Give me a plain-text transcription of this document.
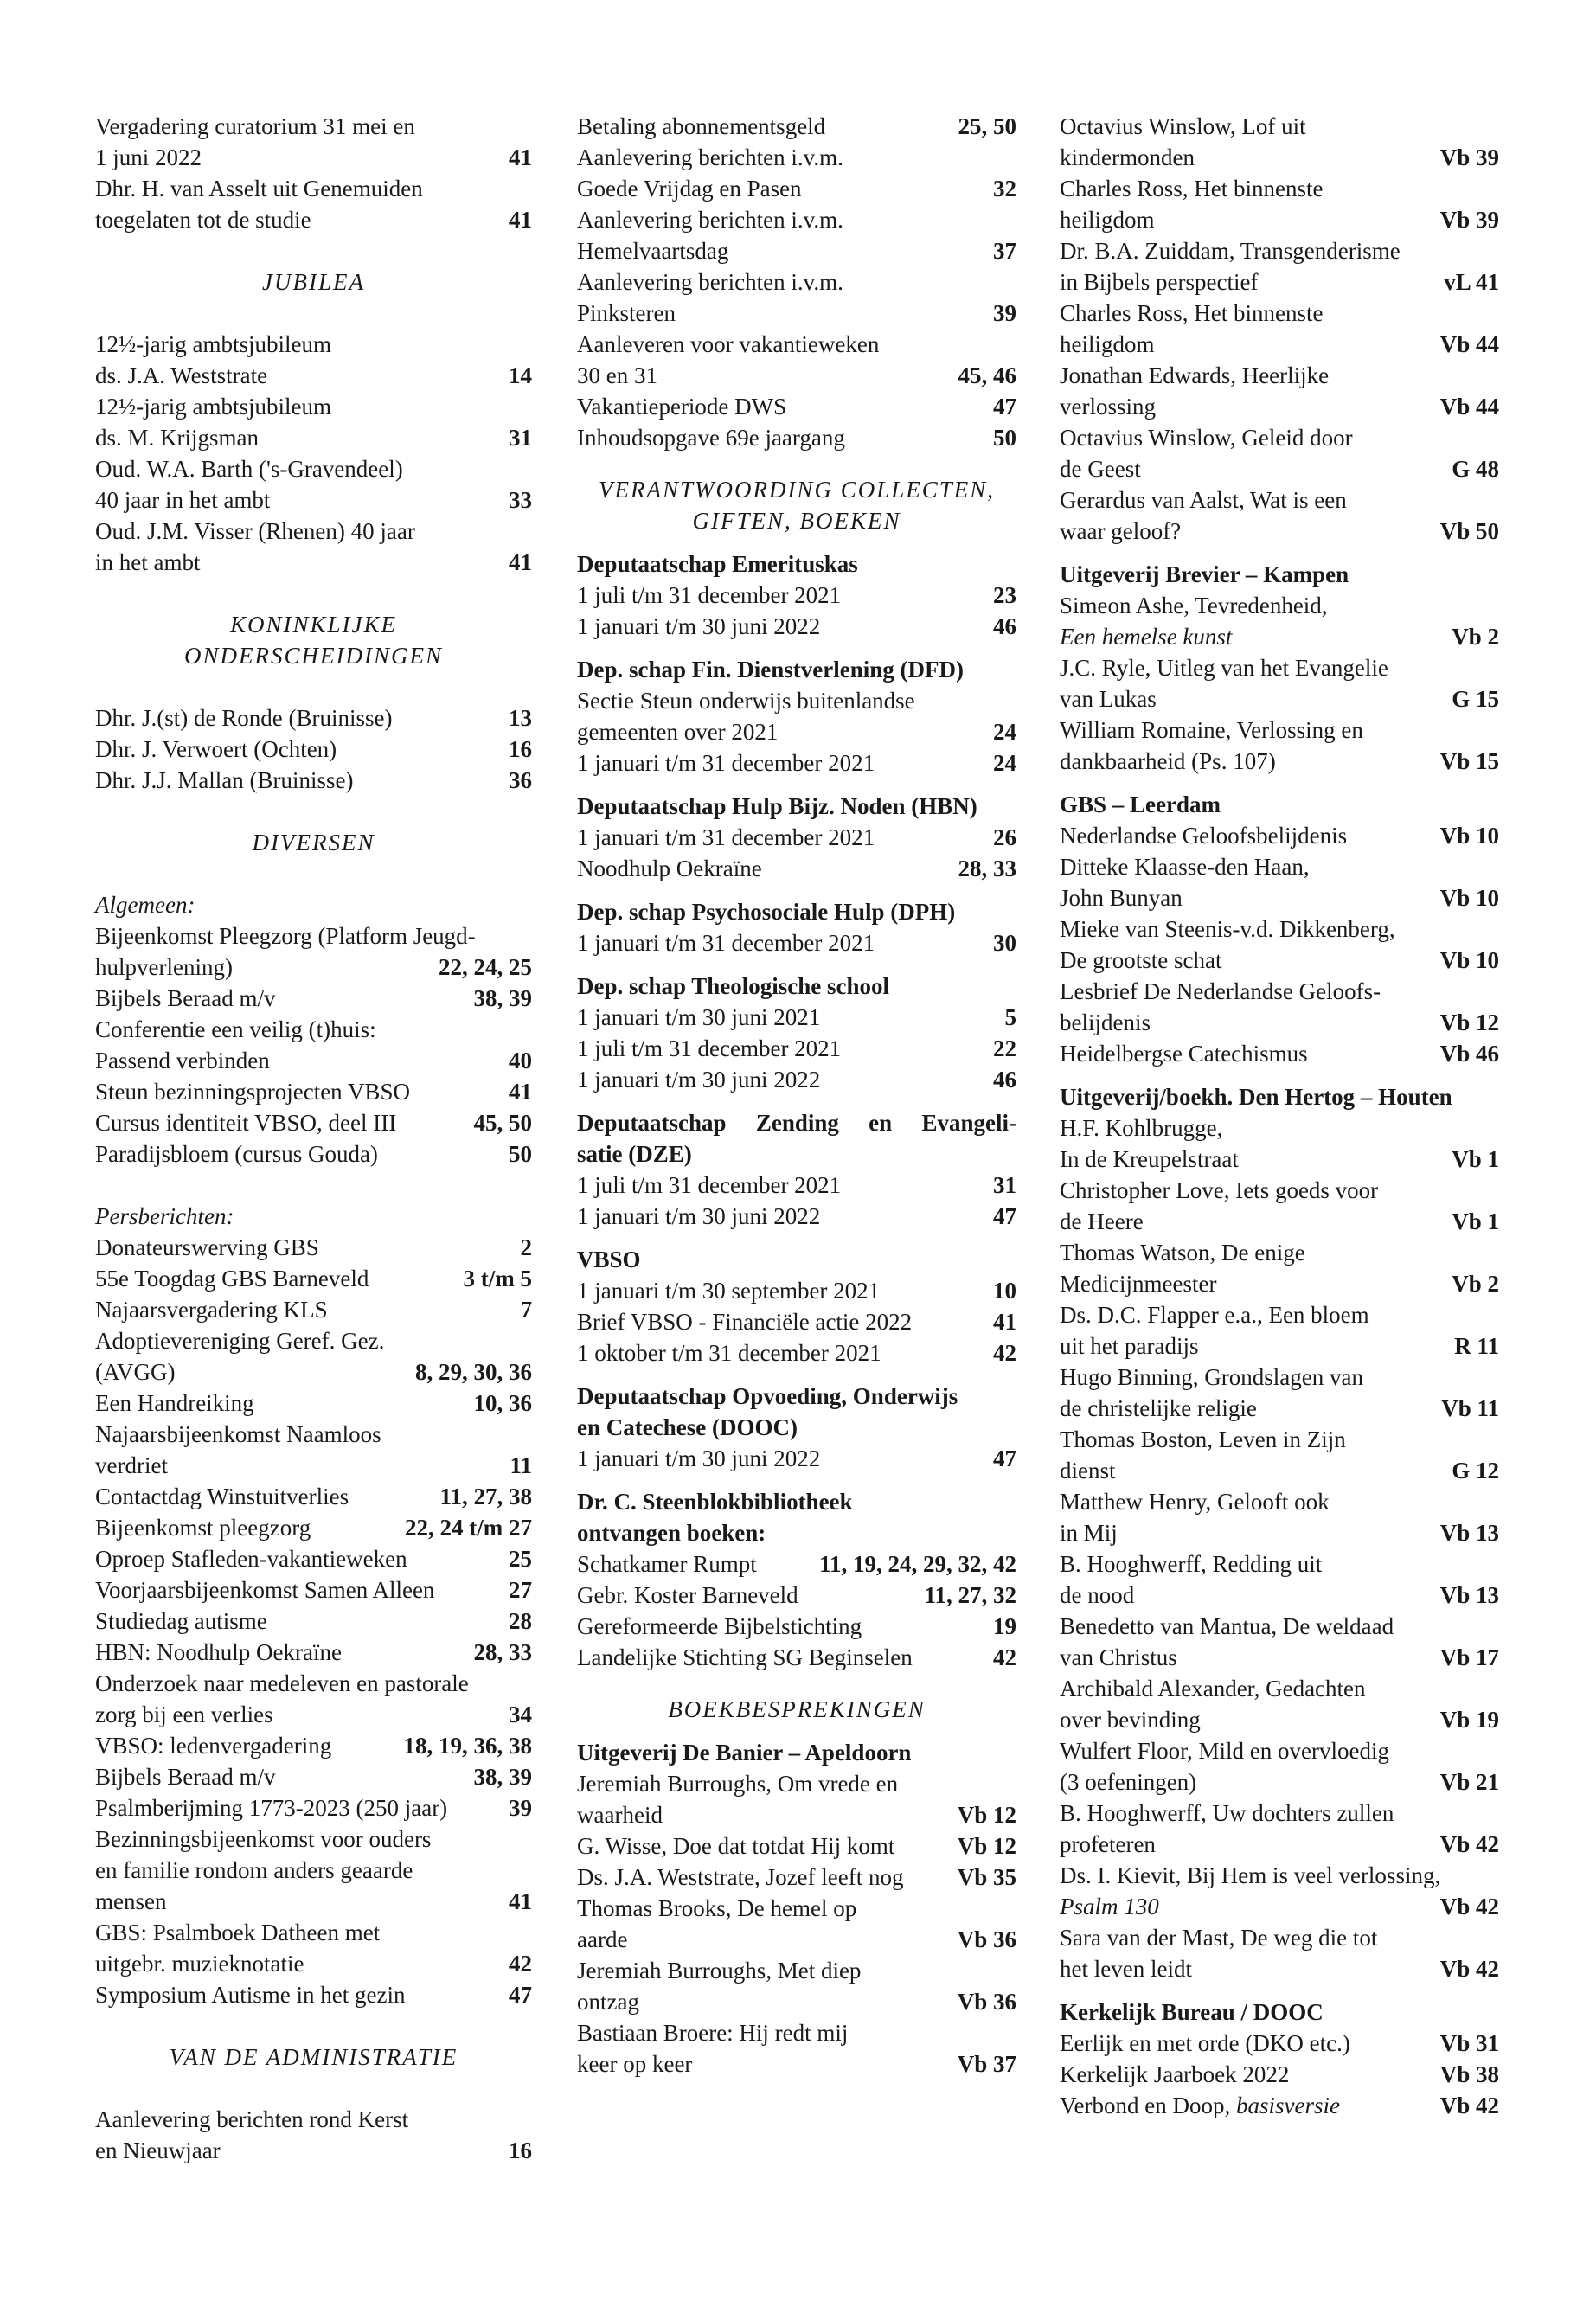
Vergadering curatorium 31 mei en
1 juni 2022	41
Dhr. H. van Asselt uit Genemuiden
toegelaten tot de studie	41
JUBILEA
12½-jarig ambtsjubileum
ds. J.A. Weststrate	14
12½-jarig ambtsjubileum
ds. M. Krijgsman	31
Oud. W.A. Barth ('s-Gravendeel)
40 jaar in het ambt	33
Oud. J.M. Visser (Rhenen) 40 jaar
in het ambt	41
KONINKLIJKE
ONDERSCHEIDINGEN
Dhr. J.(st) de Ronde (Bruinisse)	13
Dhr. J. Verwoert (Ochten)	16
Dhr. J.J. Mallan (Bruinisse)	36
DIVERSEN
Algemeen:
Bijeenkomst Pleegzorg (Platform Jeugd-
hulpverlening)	22, 24, 25
Bijbels Beraad m/v	38, 39
Conferentie een veilig (t)huis:
Passend verbinden	40
Steun bezinningsprojecten VBSO	41
Cursus identiteit VBSO, deel III	45, 50
Paradijsbloem (cursus Gouda)	50
Persberichten:
Donateurswerving GBS	2
55e Toogdag GBS Barneveld	3 t/m 5
Najaarsvergadering KLS	7
Adoptievereniging Geref. Gez.
(AVGG)	8, 29, 30, 36
Een Handreiking	10, 36
Najaarsbijeenkomst Naamloos
verdriet	11
Contactdag Winstuitverlies	11, 27, 38
Bijeenkomst pleegzorg	22, 24 t/m 27
Oproep Stafleden-vakantieweken	25
Voorjaarsbijeenkomst Samen Alleen	27
Studiedag autisme	28
HBN: Noodhulp Oekraïne	28, 33
Onderzoek naar medeleven en pastorale
zorg bij een verlies	34
VBSO: ledenvergadering	18, 19, 36, 38
Bijbels Beraad m/v	38, 39
Psalmberijming 1773-2023 (250 jaar)	39
Bezinningsbijeenkomst voor ouders
en familie rondom anders geaarde
mensen	41
GBS: Psalmboek Datheen met
uitgebr. muzieknotatie	42
Symposium Autisme in het gezin	47
VAN DE ADMINISTRATIE
Aanlevering berichten rond Kerst
en Nieuwjaar	16
Betaling abonnementsgeld	25, 50
Aanlevering berichten i.v.m.
Goede Vrijdag en Pasen	32
Aanlevering berichten i.v.m.
Hemelvaartsdag	37
Aanlevering berichten i.v.m.
Pinksteren	39
Aanleveren voor vakantieweken
30 en 31	45, 46
Vakantieperiode DWS	47
Inhoudsopgave 69e jaargang	50
VERANTWOORDING COLLECTEN,
GIFTEN, BOEKEN
Deputaatschap Emerituskas
1 juli t/m 31 december 2021	23
1 januari t/m 30 juni 2022	46
Dep. schap Fin. Dienstverlening (DFD)
Sectie Steun onderwijs buitenlandse
gemeenten over 2021	24
1 januari t/m 31 december 2021	24
Deputaatschap Hulp Bijz. Noden (HBN)
1 januari t/m 31 december 2021	26
Noodhulp Oekraïne	28, 33
Dep. schap Psychosociale Hulp (DPH)
1 januari t/m 31 december 2021	30
Dep. schap Theologische school
1 januari t/m 30 juni 2021	5
1 juli t/m 31 december 2021	22
1 januari t/m 30 juni 2022	46
Deputaatschap Zending en Evangeli-
satie (DZE)
1 juli t/m 31 december 2021	31
1 januari t/m 30 juni 2022	47
VBSO
1 januari t/m 30 september 2021	10
Brief VBSO - Financiële actie 2022	41
1 oktober t/m 31 december 2021	42
Deputaatschap Opvoeding, Onderwijs
en Catechese (DOOC)
1 januari t/m 30 juni 2022	47
Dr. C. Steenblokbibliotheek
ontvangen boeken:
Schatkamer Rumpt	11, 19, 24, 29, 32, 42
Gebr. Koster Barneveld	11, 27, 32
Gereformeerde Bijbelstichting	19
Landelijke Stichting SG Beginselen	42
BOEKBESPREKINGEN
Uitgeverij De Banier – Apeldoorn
Jeremiah Burroughs, Om vrede en
waarheid	Vb 12
G. Wisse, Doe dat totdat Hij komt	Vb 12
Ds. J.A. Weststrate, Jozef leeft nog	Vb 35
Thomas Brooks, De hemel op
aarde	Vb 36
Jeremiah Burroughs, Met diep
ontzag	Vb 36
Bastiaan Broere: Hij redt mij
keer op keer	Vb 37
Octavius Winslow, Lof uit
kindermonden	Vb 39
Charles Ross, Het binnenste
heiligdom	Vb 39
Dr. B.A. Zuiddam, Transgenderisme
in Bijbels perspectief	vL 41
Charles Ross, Het binnenste
heiligdom	Vb 44
Jonathan Edwards, Heerlijke
verlossing	Vb 44
Octavius Winslow, Geleid door
de Geest	G 48
Gerardus van Aalst, Wat is een
waar geloof?	Vb 50
Uitgeverij Brevier – Kampen
Simeon Ashe, Tevredenheid,
Een hemelse kunst	Vb 2
J.C. Ryle, Uitleg van het Evangelie
van Lukas	G 15
William Romaine, Verlossing en
dankbaarheid (Ps. 107)	Vb 15
GBS – Leerdam
Nederlandse Geloofsbelijdenis	Vb 10
Ditteke Klaasse-den Haan,
John Bunyan	Vb 10
Mieke van Steenis-v.d. Dikkenberg,
De grootste schat	Vb 10
Lesbrief De Nederlandse Geloofs-
belijdenis	Vb 12
Heidelbergse Catechismus	Vb 46
Uitgeverij/boekh. Den Hertog – Houten
H.F. Kohlbrugge,
In de Kreupelstraat	Vb 1
Christopher Love, Iets goeds voor
de Heere	Vb 1
Thomas Watson, De enige
Medicijnmeester	Vb 2
Ds. D.C. Flapper e.a., Een bloem
uit het paradijs	R 11
Hugo Binning, Grondslagen van
de christelijke religie	Vb 11
Thomas Boston, Leven in Zijn
dienst	G 12
Matthew Henry, Gelooft ook
in Mij	Vb 13
B. Hooghwerff, Redding uit
de nood	Vb 13
Benedetto van Mantua, De weldaad
van Christus	Vb 17
Archibald Alexander, Gedachten
over bevinding	Vb 19
Wulfert Floor, Mild en overvloedig
(3 oefeningen)	Vb 21
B. Hooghwerff, Uw dochters zullen
profeteren	Vb 42
Ds. I. Kievit, Bij Hem is veel verlossing,
Psalm 130	Vb 42
Sara van der Mast, De weg die tot
het leven leidt	Vb 42
Kerkelijk Bureau / DOOC
Eerlijk en met orde (DKO etc.)	Vb 31
Kerkelijk Jaarboek 2022	Vb 38
Verbond en Doop, basisversie	Vb 42
